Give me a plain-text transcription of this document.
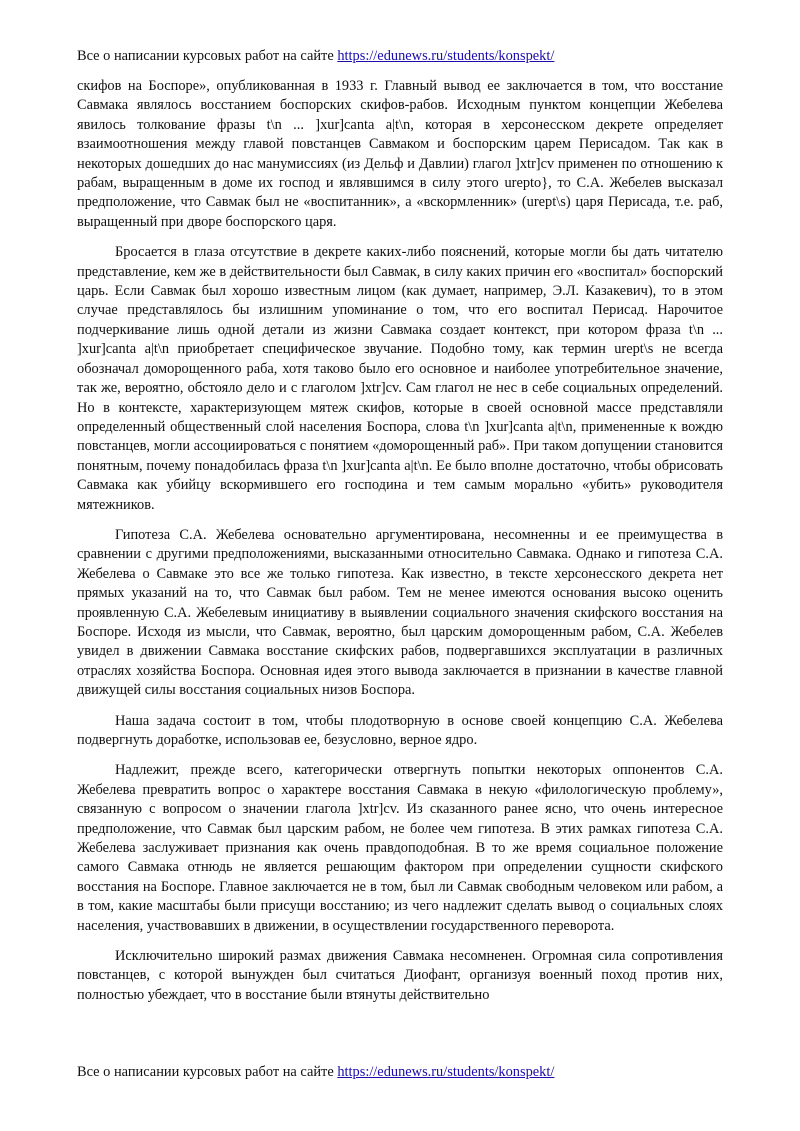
Все о написании курсовых работ на сайте https://edunews.ru/students/konspekt/

скифов на Боспоре», опубликованная в 1933 г. Главный вывод ее заключается в том, что восстание Савмака являлось восстанием боспорских скифов-рабов. Исходным пунктом концепции Жебелева явилось толкование фразы t\n ... ]xur]canta a|t\n, которая в херсонесском декрете определяет взаимоотношения между главой повстанцев Савмаком и боспорским царем Перисадом. Так как в некоторых дошедших до нас манумиссиях (из Дельф и Давлии) глагол ]xtr]cv применен по отношению к рабам, выращенным в доме их господ и являвшимся в силу этого urepto}, то С.А. Жебелев высказал предположение, что Савмак был не «воспитанник», а «вскормленник» (urept\s) царя Перисада, т.е. раб, выращенный при дворе боспорского царя.

Бросается в глаза отсутствие в декрете каких-либо пояснений, которые могли бы дать читателю представление, кем же в действительности был Савмак, в силу каких причин его «воспитал» боспорский царь. Если Савмак был хорошо известным лицом (как думает, например, Э.Л. Казакевич), то в этом случае представлялось бы излишним упоминание о том, что его воспитал Перисад. Нарочитое подчеркивание лишь одной детали из жизни Савмака создает контекст, при котором фраза t\n ... ]xur]canta a|t\n приобретает специфическое звучание. Подобно тому, как термин urept\s не всегда обозначал доморощенного раба, хотя таково было его основное и наиболее употребительное значение, так же, вероятно, обстояло дело и с глаголом ]xtr]cv. Сам глагол не нес в себе социальных определений. Но в контексте, характеризующем мятеж скифов, которые в своей основной массе представляли определенный общественный слой населения Боспора, слова t\n ]xur]canta a|t\n, примененные к вождю повстанцев, могли ассоциироваться с понятием «доморощенный раб». При таком допущении становится понятным, почему понадобилась фраза t\n ]xur]canta a|t\n. Ее было вполне достаточно, чтобы обрисовать Савмака как убийцу вскормившего его господина и тем самым морально «убить» руководителя мятежников.

Гипотеза С.А. Жебелева основательно аргументирована, несомненны и ее преимущества в сравнении с другими предположениями, высказанными относительно Савмака. Однако и гипотеза С.А. Жебелева о Савмаке это все же только гипотеза. Как известно, в тексте херсонесского декрета нет прямых указаний на то, что Савмак был рабом. Тем не менее имеются основания высоко оценить проявленную С.А. Жебелевым инициативу в выявлении социального значения скифского восстания на Боспоре. Исходя из мысли, что Савмак, вероятно, был царским доморощенным рабом, С.А. Жебелев увидел в движении Савмака восстание скифских рабов, подвергавшихся эксплуатации в различных отраслях хозяйства Боспора. Основная идея этого вывода заключается в признании в качестве главной движущей силы восстания социальных низов Боспора.

Наша задача состоит в том, чтобы плодотворную в основе своей концепцию С.А. Жебелева подвергнуть доработке, использовав ее, безусловно, верное ядро.

Надлежит, прежде всего, категорически отвергнуть попытки некоторых оппонентов С.А. Жебелева превратить вопрос о характере восстания Савмака в некую «филологическую проблему», связанную с вопросом о значении глагола ]xtr]cv. Из сказанного ранее ясно, что очень интересное предположение, что Савмак был царским рабом, не более чем гипотеза. В этих рамках гипотеза С.А. Жебелева заслуживает признания как очень правдоподобная. В то же время социальное положение самого Савмака отнюдь не является решающим фактором при определении сущности скифского восстания на Боспоре. Главное заключается не в том, был ли Савмак свободным человеком или рабом, а в том, какие масштабы были присущи восстанию; из чего надлежит сделать вывод о социальных слоях населения, участвовавших в движении, в осуществлении государственного переворота.

Исключительно широкий размах движения Савмака несомненен. Огромная сила сопротивления повстанцев, с которой вынужден был считаться Диофант, организуя военный поход против них, полностью убеждает, что в восстание были втянуты действительно

Все о написании курсовых работ на сайте https://edunews.ru/students/konspekt/
